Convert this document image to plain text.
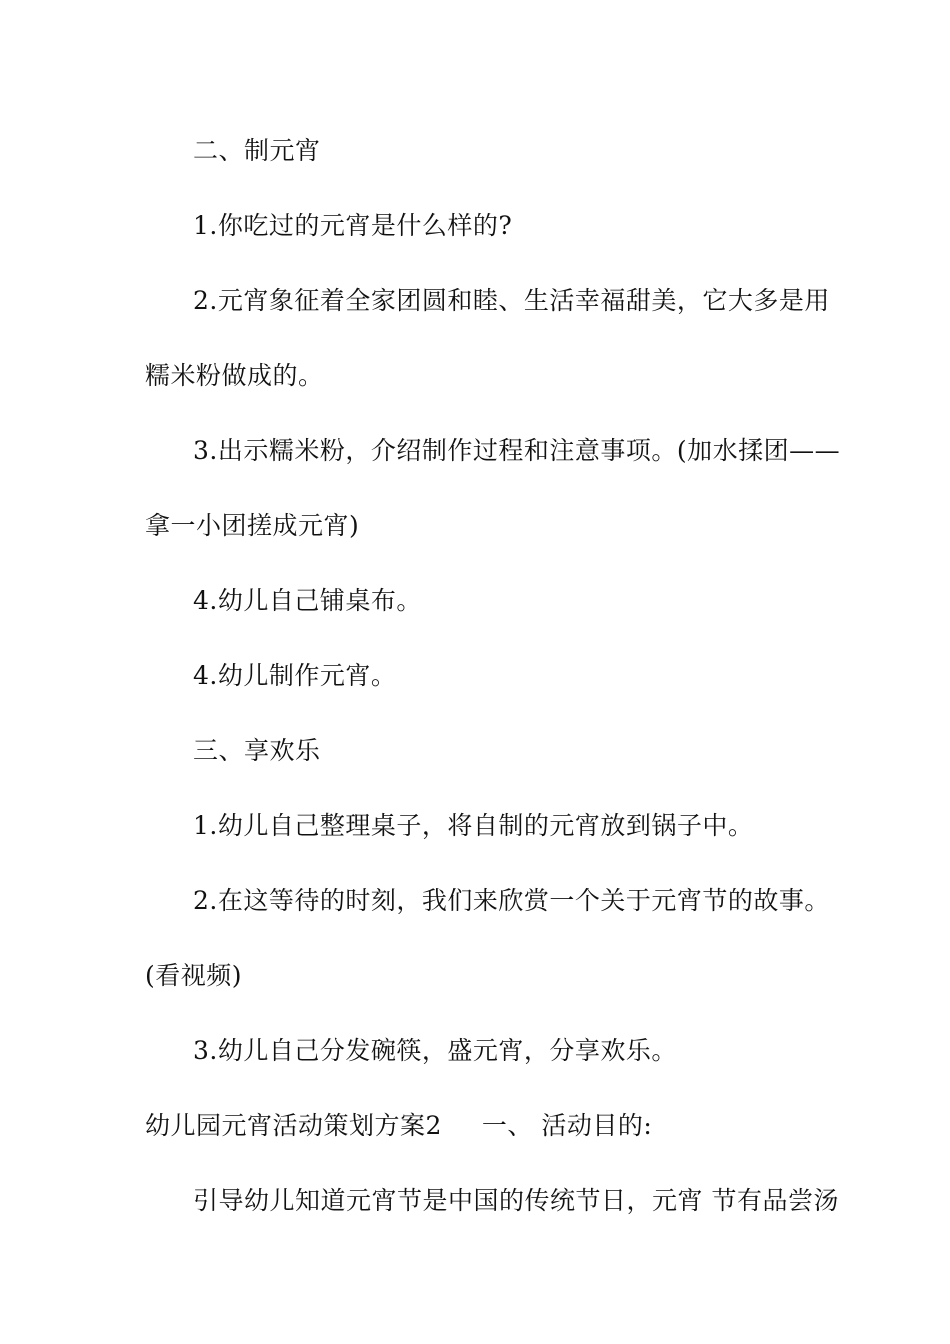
二、制元宵
1.你吃过的元宵是什么样的?
2.元宵象征着全家团圆和睦、生活幸福甜美，它大多是用
糯米粉做成的。
3.出示糯米粉，介绍制作过程和注意事项。(加水揉团——
拿一小团搓成元宵)
4.幼儿自己铺桌布。
4.幼儿制作元宵。
三、享欢乐
1.幼儿自己整理桌子，将自制的元宵放到锅子中。
2.在这等待的时刻，我们来欣赏一个关于元宵节的故事。
(看视频)
3.幼儿自己分发碗筷，盛元宵，分享欢乐。
幼儿园元宵活动策划方案2 一、 活动目的:
引导幼儿知道元宵节是中国的传统节日，元宵 节有品尝汤
